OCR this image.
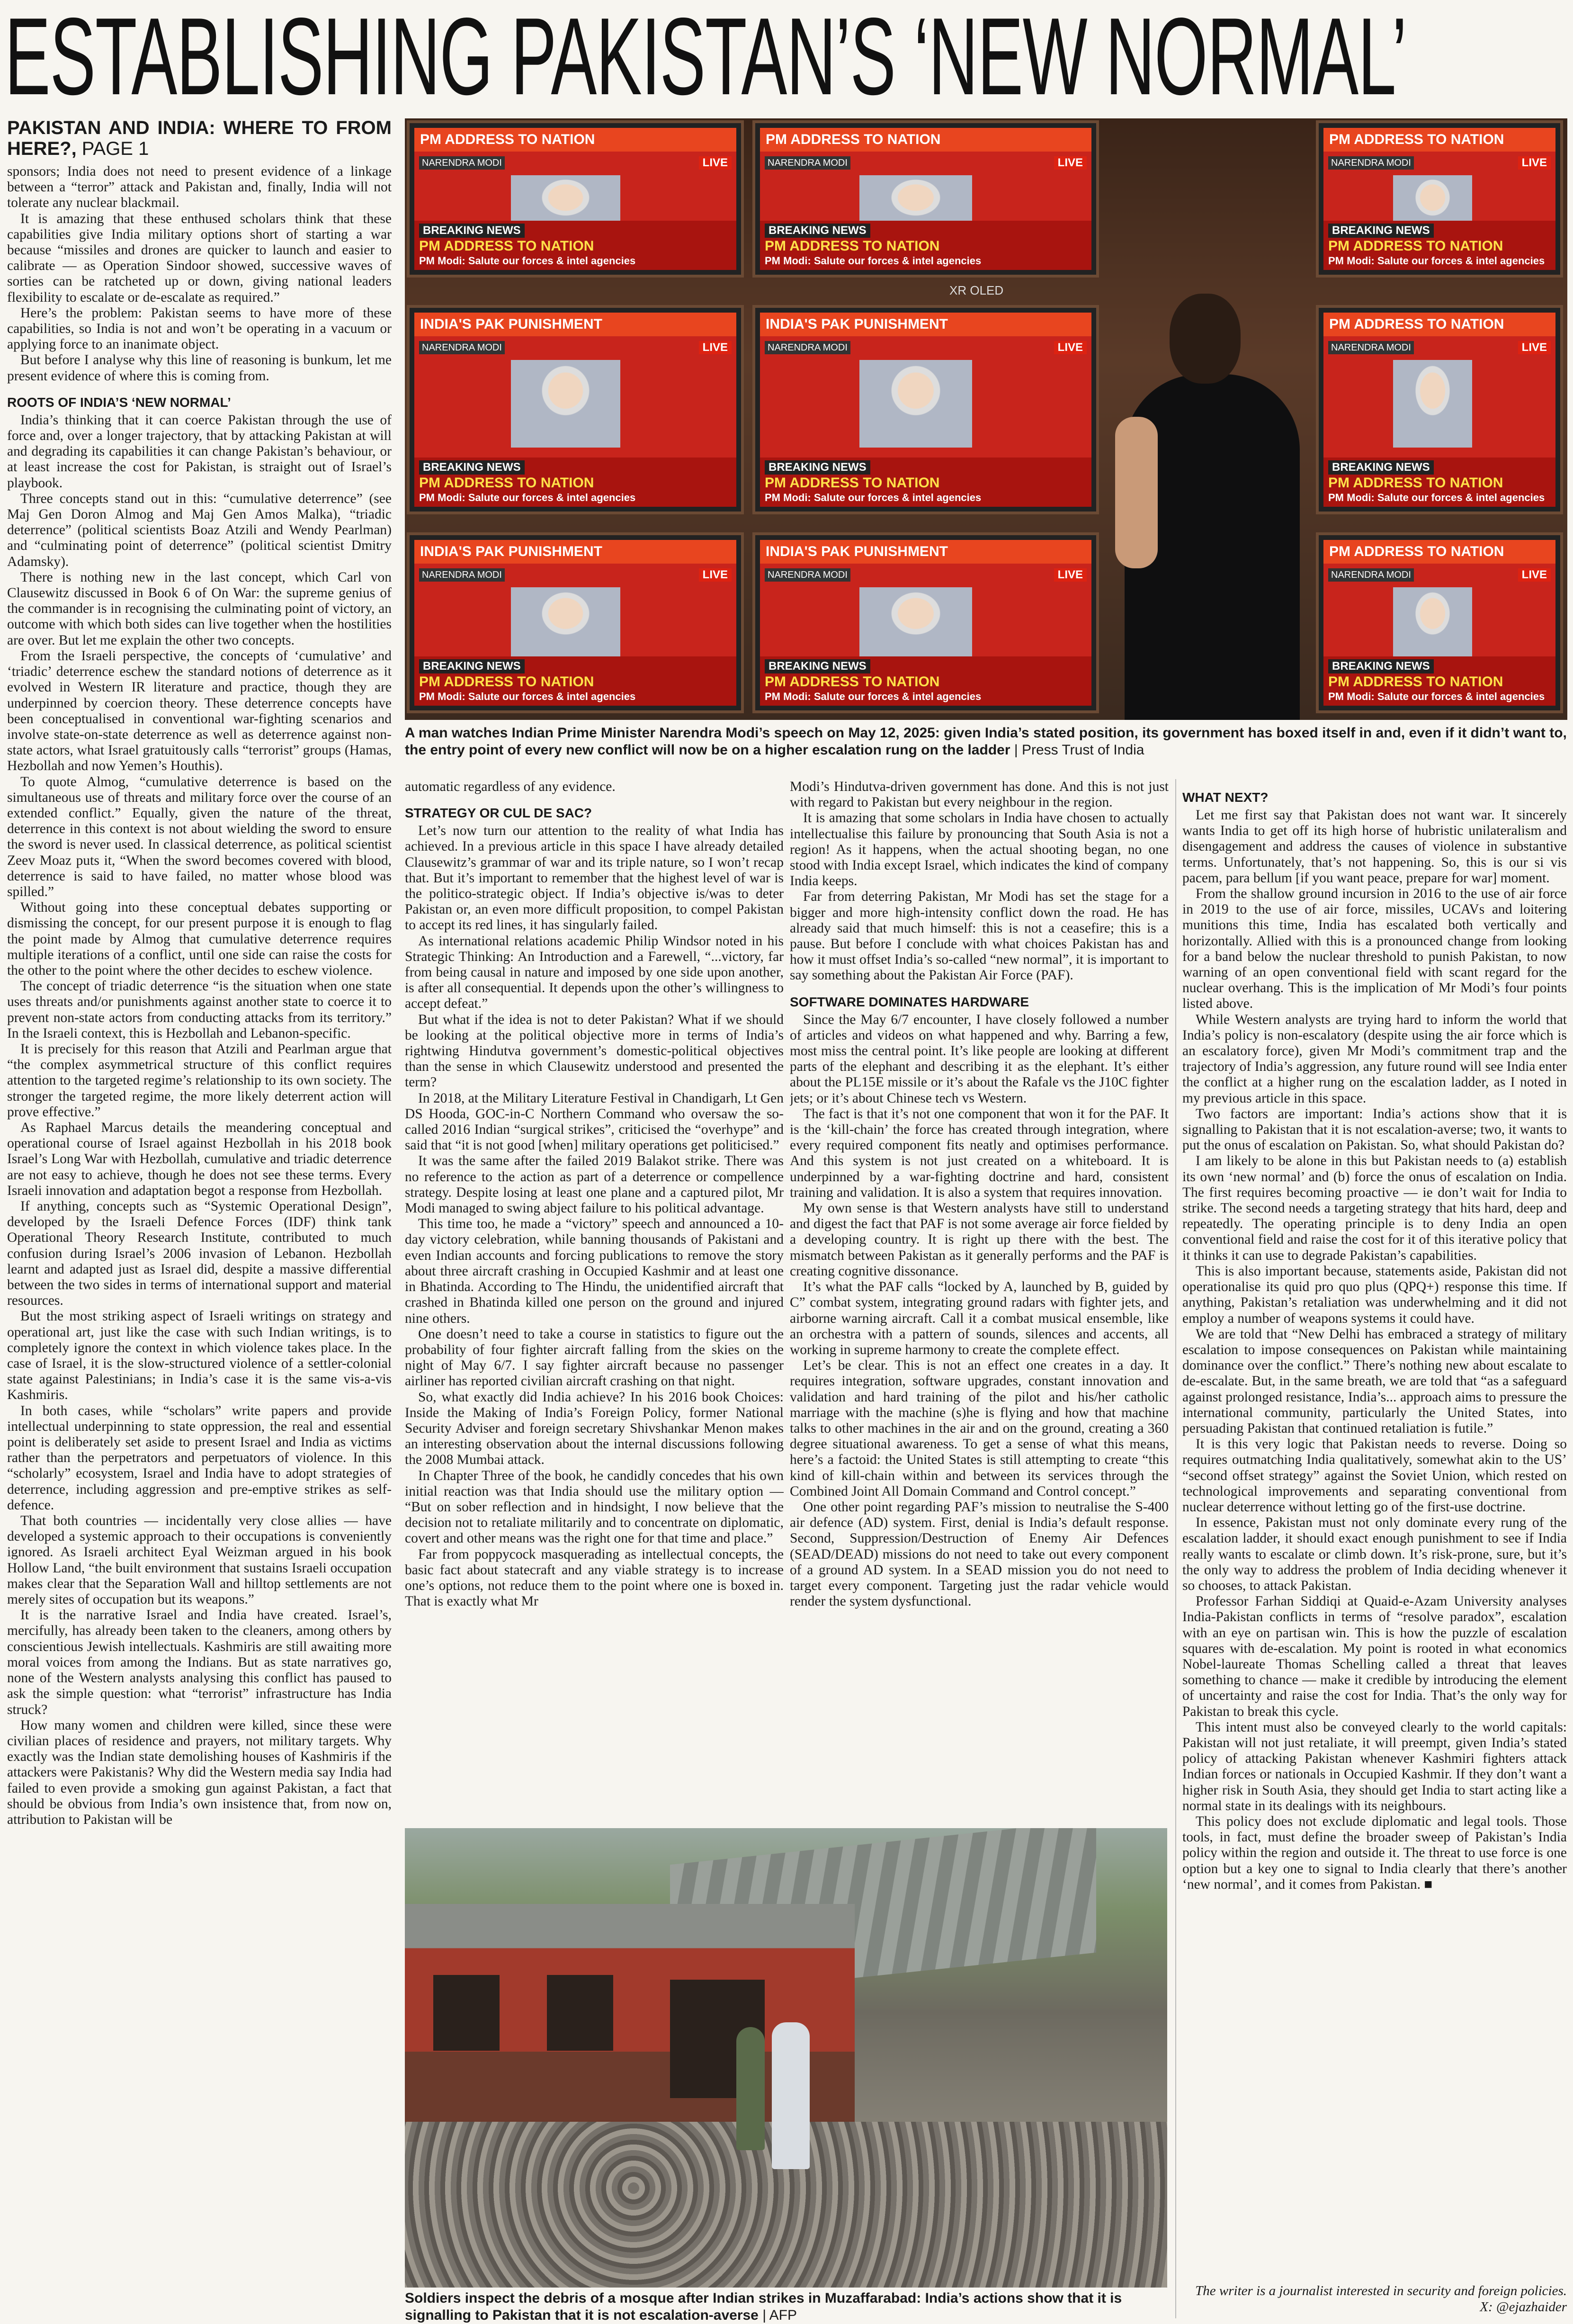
ESTABLISHING PAKISTAN’S ‘NEW NORMAL’
PAKISTAN AND INDIA: WHERE TO FROM HERE?, PAGE 1

sponsors; India does not need to present evidence of a linkage between a “terror” attack and Pakistan and, finally, India will not tolerate any nuclear blackmail.

It is amazing that these enthused scholars think that these capabilities give India military options short of starting a war because “missiles and drones are quicker to launch and easier to calibrate — as Operation Sindoor showed, successive waves of sorties can be ratcheted up or down, giving national leaders flexibility to escalate or de-escalate as required.”

Here’s the problem: Pakistan seems to have more of these capabilities, so India is not and won’t be operating in a vacuum or applying force to an inanimate object.

But before I analyse why this line of reasoning is bunkum, let me present evidence of where this is coming from.

ROOTS OF INDIA’S ‘NEW NORMAL’

India’s thinking that it can coerce Pakistan through the use of force and, over a longer trajectory, that by attacking Pakistan at will and degrading its capabilities it can change Pakistan’s behaviour, or at least increase the cost for Pakistan, is straight out of Israel’s playbook.

Three concepts stand out in this: “cumulative deterrence” (see Maj Gen Doron Almog and Maj Gen Amos Malka), “triadic deterrence” (political scientists Boaz Atzili and Wendy Pearlman) and “culminating point of deterrence” (political scientist Dmitry Adamsky).

There is nothing new in the last concept, which Carl von Clausewitz discussed in Book 6 of On War: the supreme genius of the commander is in recognising the culminating point of victory, an outcome with which both sides can live together when the hostilities are over. But let me explain the other two concepts.

From the Israeli perspective, the concepts of ‘cumulative’ and ‘triadic’ deterrence eschew the standard notions of deterrence as it evolved in Western IR literature and practice, though they are underpinned by coercion theory. These deterrence concepts have been conceptualised in conventional war-fighting scenarios and involve state-on-state deterrence as well as deterrence against non-state actors, what Israel gratuitously calls “terrorist” groups (Hamas, Hezbollah and now Yemen’s Houthis).

To quote Almog, “cumulative deterrence is based on the simultaneous use of threats and military force over the course of an extended conflict.” Equally, given the nature of the threat, deterrence in this context is not about wielding the sword to ensure the sword is never used. In classical deterrence, as political scientist Zeev Moaz puts it, “When the sword becomes covered with blood, deterrence is said to have failed, no matter whose blood was spilled.”

Without going into these conceptual debates supporting or dismissing the concept, for our present purpose it is enough to flag the point made by Almog that cumulative deterrence requires multiple iterations of a conflict, until one side can raise the costs for the other to the point where the other decides to eschew violence.

The concept of triadic deterrence “is the situation when one state uses threats and/or punishments against another state to coerce it to prevent non-state actors from conducting attacks from its territory.” In the Israeli context, this is Hezbollah and Lebanon-specific.

It is precisely for this reason that Atzili and Pearlman argue that “the complex asymmetrical structure of this conflict requires attention to the targeted regime’s relationship to its own society. The stronger the targeted regime, the more likely deterrent action will prove effective.”

As Raphael Marcus details the meandering conceptual and operational course of Israel against Hezbollah in his 2018 book Israel’s Long War with Hezbollah, cumulative and triadic deterrence are not easy to achieve, though he does not see these terms. Every Israeli innovation and adaptation begot a response from Hezbollah.

If anything, concepts such as “Systemic Operational Design”, developed by the Israeli Defence Forces (IDF) think tank Operational Theory Research Institute, contributed to much confusion during Israel’s 2006 invasion of Lebanon. Hezbollah learnt and adapted just as Israel did, despite a massive differential between the two sides in terms of international support and material resources.

But the most striking aspect of Israeli writings on strategy and operational art, just like the case with such Indian writings, is to completely ignore the context in which violence takes place. In the case of Israel, it is the slow-structured violence of a settler-colonial state against Palestinians; in India’s case it is the same vis-a-vis Kashmiris.

In both cases, while “scholars” write papers and provide intellectual underpinning to state oppression, the real and essential point is deliberately set aside to present Israel and India as victims rather than the perpetrators and perpetuators of violence. In this “scholarly” ecosystem, Israel and India have to adopt strategies of deterrence, including aggression and pre-emptive strikes as self-defence.

That both countries — incidentally very close allies — have developed a systemic approach to their occupations is conveniently ignored. As Israeli architect Eyal Weizman argued in his book Hollow Land, “the built environment that sustains Israeli occupation makes clear that the Separation Wall and hilltop settlements are not merely sites of occupation but its weapons.”

It is the narrative Israel and India have created. Israel’s, mercifully, has already been taken to the cleaners, among others by conscientious Jewish intellectuals. Kashmiris are still awaiting more moral voices from among the Indians. But as state narratives go, none of the Western analysts analysing this conflict has paused to ask the simple question: what “terrorist” infrastructure has India struck?

How many women and children were killed, since these were civilian places of residence and prayers, not military targets. Why exactly was the Indian state demolishing houses of Kashmiris if the attackers were Pakistanis? Why did the Western media say India had failed to even provide a smoking gun against Pakistan, a fact that should be obvious from India’s own insistence that, from now on, attribution to Pakistan will be

PM ADDRESS TO NATION
NARENDRA MODI	LIVE
BREAKING NEWS
PM ADDRESS TO NATION
PM Modi: Salute our forces & intel agencies
PM ADDRESS TO NATION
NARENDRA MODI	LIVE
BREAKING NEWS
PM ADDRESS TO NATION
PM Modi: Salute our forces & intel agencies
PM ADDRESS TO NATION
NARENDRA MODI	LIVE
BREAKING NEWS
PM ADDRESS TO NATION
PM Modi: Salute our forces & intel agencies
INDIA'S PAK PUNISHMENT
NARENDRA MODI	LIVE
BREAKING NEWS
PM ADDRESS TO NATION
PM Modi: Salute our forces & intel agencies
INDIA'S PAK PUNISHMENT
NARENDRA MODI	LIVE
BREAKING NEWS
PM ADDRESS TO NATION
PM Modi: Salute our forces & intel agencies
PM ADDRESS TO NATION
NARENDRA MODI	LIVE
BREAKING NEWS
PM ADDRESS TO NATION
PM Modi: Salute our forces & intel agencies
INDIA'S PAK PUNISHMENT
NARENDRA MODI	LIVE
BREAKING NEWS
PM ADDRESS TO NATION
PM Modi: Salute our forces & intel agencies
INDIA'S PAK PUNISHMENT
NARENDRA MODI	LIVE
BREAKING NEWS
PM ADDRESS TO NATION
PM Modi: Salute our forces & intel agencies
PM ADDRESS TO NATION
NARENDRA MODI	LIVE
BREAKING NEWS
PM ADDRESS TO NATION
PM Modi: Salute our forces & intel agencies
XR OLED
A man watches Indian Prime Minister Narendra Modi’s speech on May 12, 2025: given India’s stated position, its government has boxed itself in and, even if it didn’t want to, the entry point of every new conflict will now be on a higher escalation rung on the ladder | Press Trust of India

automatic regardless of any evidence.

STRATEGY OR CUL DE SAC?

Let’s now turn our attention to the reality of what India has achieved. In a previous article in this space I have already detailed Clausewitz’s grammar of war and its triple nature, so I won’t recap that. But it’s important to remember that the highest level of war is the politico-strategic object. If India’s objective is/was to deter Pakistan or, an even more difficult proposition, to compel Pakistan to accept its red lines, it has singularly failed.

As international relations academic Philip Windsor noted in his Strategic Thinking: An Introduction and a Farewell, “...victory, far from being causal in nature and imposed by one side upon another, is after all consequential. It depends upon the other’s willingness to accept defeat.”

But what if the idea is not to deter Pakistan? What if we should be looking at the political objective more in terms of India’s rightwing Hindutva government’s domestic-political objectives than the sense in which Clausewitz understood and presented the term?

In 2018, at the Military Literature Festival in Chandigarh, Lt Gen DS Hooda, GOC-in-C Northern Command who oversaw the so-called 2016 Indian “surgical strikes”, criticised the “overhype” and said that “it is not good [when] military operations get politicised.”

It was the same after the failed 2019 Balakot strike. There was no reference to the action as part of a deterrence or compellence strategy. Despite losing at least one plane and a captured pilot, Mr Modi managed to swing abject failure to his political advantage.

This time too, he made a “victory” speech and announced a 10-day victory celebration, while banning thousands of Pakistani and even Indian accounts and forcing publications to remove the story about three aircraft crashing in Occupied Kashmir and at least one in Bhatinda. According to The Hindu, the unidentified aircraft that crashed in Bhatinda killed one person on the ground and injured nine others.

One doesn’t need to take a course in statistics to figure out the probability of four fighter aircraft falling from the skies on the night of May 6/7. I say fighter aircraft because no passenger airliner has reported civilian aircraft crashing on that night.

So, what exactly did India achieve? In his 2016 book Choices: Inside the Making of India’s Foreign Policy, former National Security Adviser and foreign secretary Shivshankar Menon makes an interesting observation about the internal discussions following the 2008 Mumbai attack.

In Chapter Three of the book, he candidly concedes that his own initial reaction was that India should use the military option — “But on sober reflection and in hindsight, I now believe that the decision not to retaliate militarily and to concentrate on diplomatic, covert and other means was the right one for that time and place.”

Far from poppycock masquerading as intellectual concepts, the basic fact about statecraft and any viable strategy is to increase one’s options, not reduce them to the point where one is boxed in. That is exactly what Mr

Modi’s Hindutva-driven government has done. And this is not just with regard to Pakistan but every neighbour in the region.

It is amazing that some scholars in India have chosen to actually intellectualise this failure by pronouncing that South Asia is not a region! As it happens, when the actual shooting began, no one stood with India except Israel, which indicates the kind of company India keeps.

Far from deterring Pakistan, Mr Modi has set the stage for a bigger and more high-intensity conflict down the road. He has already said that much himself: this is not a ceasefire; this is a pause. But before I conclude with what choices Pakistan has and how it must offset India’s so-called “new normal”, it is important to say something about the Pakistan Air Force (PAF).

SOFTWARE DOMINATES HARDWARE

Since the May 6/7 encounter, I have closely followed a number of articles and videos on what happened and why. Barring a few, most miss the central point. It’s like people are looking at different parts of the elephant and describing it as the elephant. It’s either about the PL15E missile or it’s about the Rafale vs the J10C fighter jets; or it’s about Chinese tech vs Western.

The fact is that it’s not one component that won it for the PAF. It is the ‘kill-chain’ the force has created through integration, where every required component fits neatly and optimises performance. And this system is not just created on a whiteboard. It is underpinned by a war-fighting doctrine and hard, consistent training and validation. It is also a system that requires innovation.

My own sense is that Western analysts have still to understand and digest the fact that PAF is not some average air force fielded by a developing country. It is right up there with the best. The mismatch between Pakistan as it generally performs and the PAF is creating cognitive dissonance.

It’s what the PAF calls “locked by A, launched by B, guided by C” combat system, integrating ground radars with fighter jets, and airborne warning aircraft. Call it a combat musical ensemble, like an orchestra with a pattern of sounds, silences and accents, all working in supreme harmony to create the complete effect.

Let’s be clear. This is not an effect one creates in a day. It requires integration, software upgrades, constant innovation and validation and hard training of the pilot and his/her catholic marriage with the machine (s)he is flying and how that machine talks to other machines in the air and on the ground, creating a 360 degree situational awareness. To get a sense of what this means, here’s a factoid: the United States is still attempting to create “this kind of kill-chain within and between its services through the Combined Joint All Domain Command and Control concept.”

One other point regarding PAF’s mission to neutralise the S-400 air defence (AD) system. First, denial is India’s default response. Second, Suppression/Destruction of Enemy Air Defences (SEAD/DEAD) missions do not need to take out every component of a ground AD system. In a SEAD mission you do not need to target every component. Targeting just the radar vehicle would render the system dysfunctional.

WHAT NEXT?

Let me first say that Pakistan does not want war. It sincerely wants India to get off its high horse of hubristic unilateralism and disengagement and address the causes of violence in substantive terms. Unfortunately, that’s not happening. So, this is our si vis pacem, para bellum [if you want peace, prepare for war] moment.

From the shallow ground incursion in 2016 to the use of air force in 2019 to the use of air force, missiles, UCAVs and loitering munitions this time, India has escalated both vertically and horizontally. Allied with this is a pronounced change from looking for a band below the nuclear threshold to punish Pakistan, to now warning of an open conventional field with scant regard for the nuclear overhang. This is the implication of Mr Modi’s four points listed above.

While Western analysts are trying hard to inform the world that India’s policy is non-escalatory (despite using the air force which is an escalatory force), given Mr Modi’s commitment trap and the trajectory of India’s aggression, any future round will see India enter the conflict at a higher rung on the escalation ladder, as I noted in my previous article in this space.

Two factors are important: India’s actions show that it is signalling to Pakistan that it is not escalation-averse; two, it wants to put the onus of escalation on Pakistan. So, what should Pakistan do?

I am likely to be alone in this but Pakistan needs to (a) establish its own ‘new normal’ and (b) force the onus of escalation on India. The first requires becoming proactive — ie don’t wait for India to strike. The second needs a targeting strategy that hits hard, deep and repeatedly. The operating principle is to deny India an open conventional field and raise the cost for it of this iterative policy that it thinks it can use to degrade Pakistan’s capabilities.

This is also important because, statements aside, Pakistan did not operationalise its quid pro quo plus (QPQ+) response this time. If anything, Pakistan’s retaliation was underwhelming and it did not employ a number of weapons systems it could have.

We are told that “New Delhi has embraced a strategy of military escalation to impose consequences on Pakistan while maintaining dominance over the conflict.” There’s nothing new about escalate to de-escalate. But, in the same breath, we are told that “as a safeguard against prolonged resistance, India’s... approach aims to pressure the international community, particularly the United States, into persuading Pakistan that continued retaliation is futile.”

It is this very logic that Pakistan needs to reverse. Doing so requires outmatching India qualitatively, somewhat akin to the US’ “second offset strategy” against the Soviet Union, which rested on technological improvements and separating conventional from nuclear deterrence without letting go of the first-use doctrine.

In essence, Pakistan must not only dominate every rung of the escalation ladder, it should exact enough punishment to see if India really wants to escalate or climb down. It’s risk-prone, sure, but it’s the only way to address the problem of India deciding whenever it so chooses, to attack Pakistan.

Professor Farhan Siddiqi at Quaid-e-Azam University analyses India-Pakistan conflicts in terms of “resolve paradox”, escalation with an eye on partisan win. This is how the puzzle of escalation squares with de-escalation. My point is rooted in what economics Nobel-laureate Thomas Schelling called a threat that leaves something to chance — make it credible by introducing the element of uncertainty and raise the cost for India. That’s the only way for Pakistan to break this cycle.

This intent must also be conveyed clearly to the world capitals: Pakistan will not just retaliate, it will preempt, given India’s stated policy of attacking Pakistan whenever Kashmiri fighters attack Indian forces or nationals in Occupied Kashmir. If they don’t want a higher risk in South Asia, they should get India to start acting like a normal state in its dealings with its neighbours.

This policy does not exclude diplomatic and legal tools. Those tools, in fact, must define the broader sweep of Pakistan’s India policy within the region and outside it. The threat to use force is one option but a key one to signal to India clearly that there’s another ‘new normal’, and it comes from Pakistan. ■

Soldiers inspect the debris of a mosque after Indian strikes in Muzaffarabad: India’s actions show that it is signalling to Pakistan that it is not escalation-averse | AFP
The writer is a journalist interested in security and foreign policies. X: @ejazhaider
